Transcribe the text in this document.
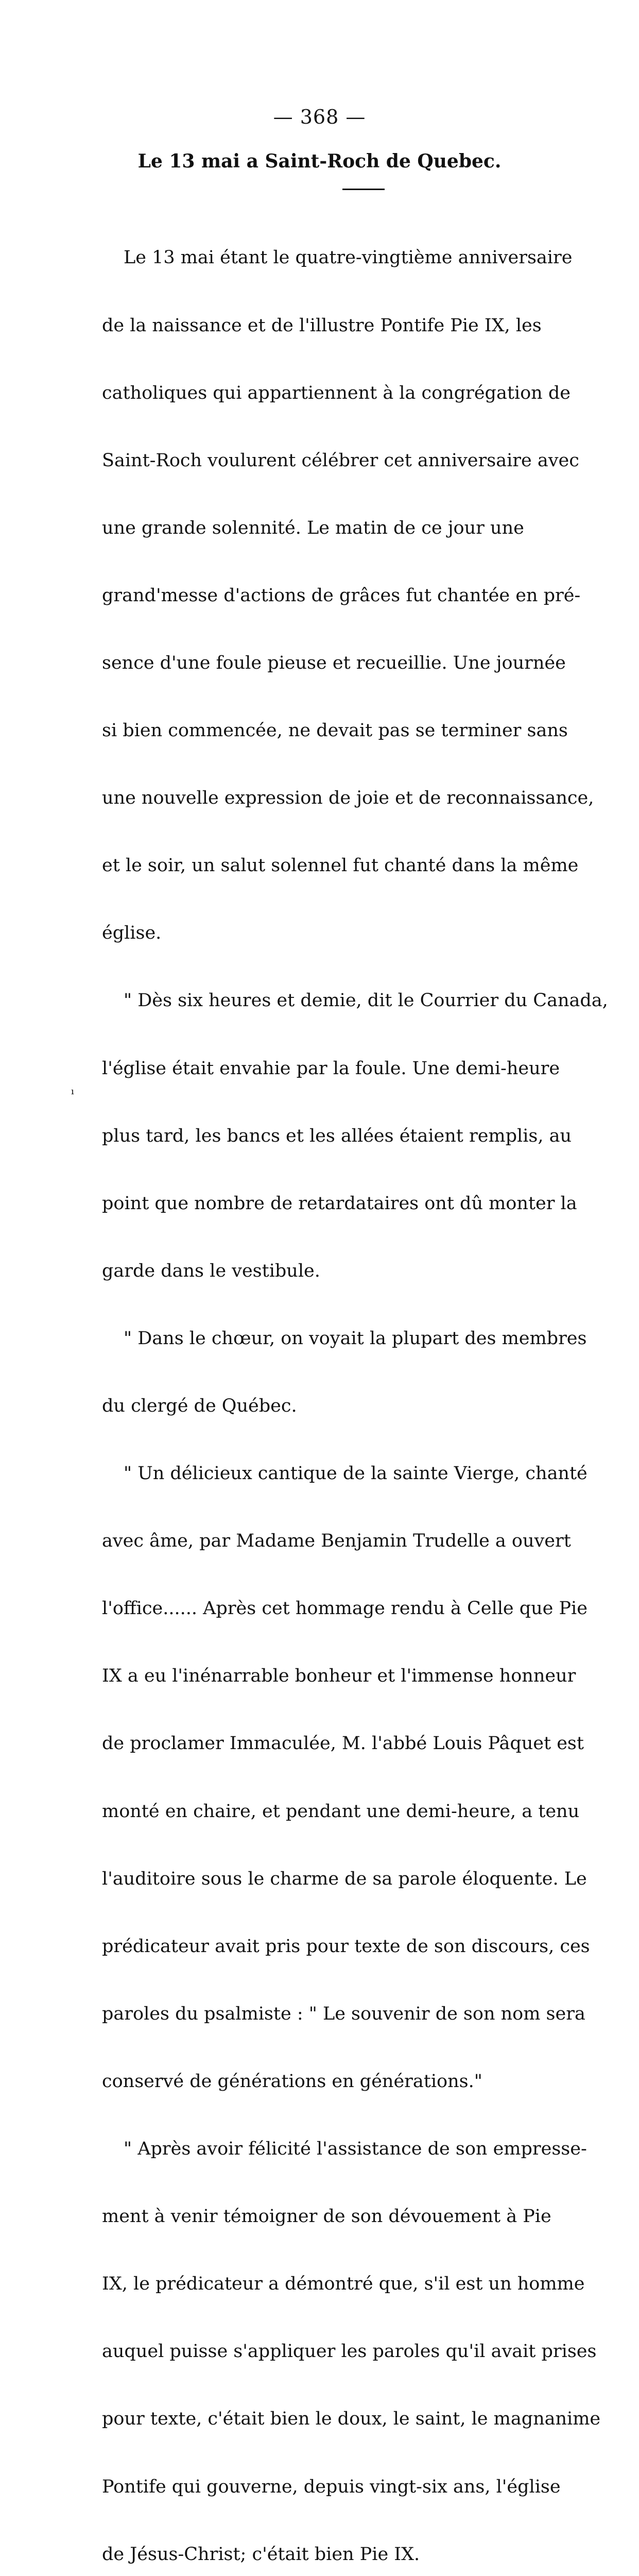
— 368 —
Le 13 mai a Saint-Roch de Quebec.

Le 13 mai étant le quatre-vingtième anniversaire

de la naissance et de l'illustre Pontife Pie IX, les

catholiques qui appartiennent à la congrégation de

Saint-Roch voulurent célébrer cet anniversaire avec

une grande solennité. Le matin de ce jour une

grand'messe d'actions de grâces fut chantée en pré-

sence d'une foule pieuse et recueillie. Une journée

si bien commencée, ne devait pas se terminer sans

une nouvelle expression de joie et de reconnaissance,

et le soir, un salut solennel fut chanté dans la même

église.

" Dès six heures et demie, dit le Courrier du Canada,

l'église était envahie par la foule. Une demi-heure

plus tard, les bancs et les allées étaient remplis, au

point que nombre de retardataires ont dû monter la

garde dans le vestibule.

" Dans le chœur, on voyait la plupart des membres

du clergé de Québec.

" Un délicieux cantique de la sainte Vierge, chanté

avec âme, par Madame Benjamin Trudelle a ouvert

l'office...... Après cet hommage rendu à Celle que Pie

IX a eu l'inénarrable bonheur et l'immense honneur

de proclamer Immaculée, M. l'abbé Louis Pâquet est

monté en chaire, et pendant une demi-heure, a tenu

l'auditoire sous le charme de sa parole éloquente. Le

prédicateur avait pris pour texte de son discours, ces

paroles du psalmiste : " Le souvenir de son nom sera

conservé de générations en générations."

" Après avoir félicité l'assistance de son empresse-

ment à venir témoigner de son dévouement à Pie

IX, le prédicateur a démontré que, s'il est un homme

auquel puisse s'appliquer les paroles qu'il avait prises

pour texte, c'était bien le doux, le saint, le magnanime

Pontife qui gouverne, depuis vingt-six ans, l'église

de Jésus-Christ; c'était bien Pie IX.

ı
